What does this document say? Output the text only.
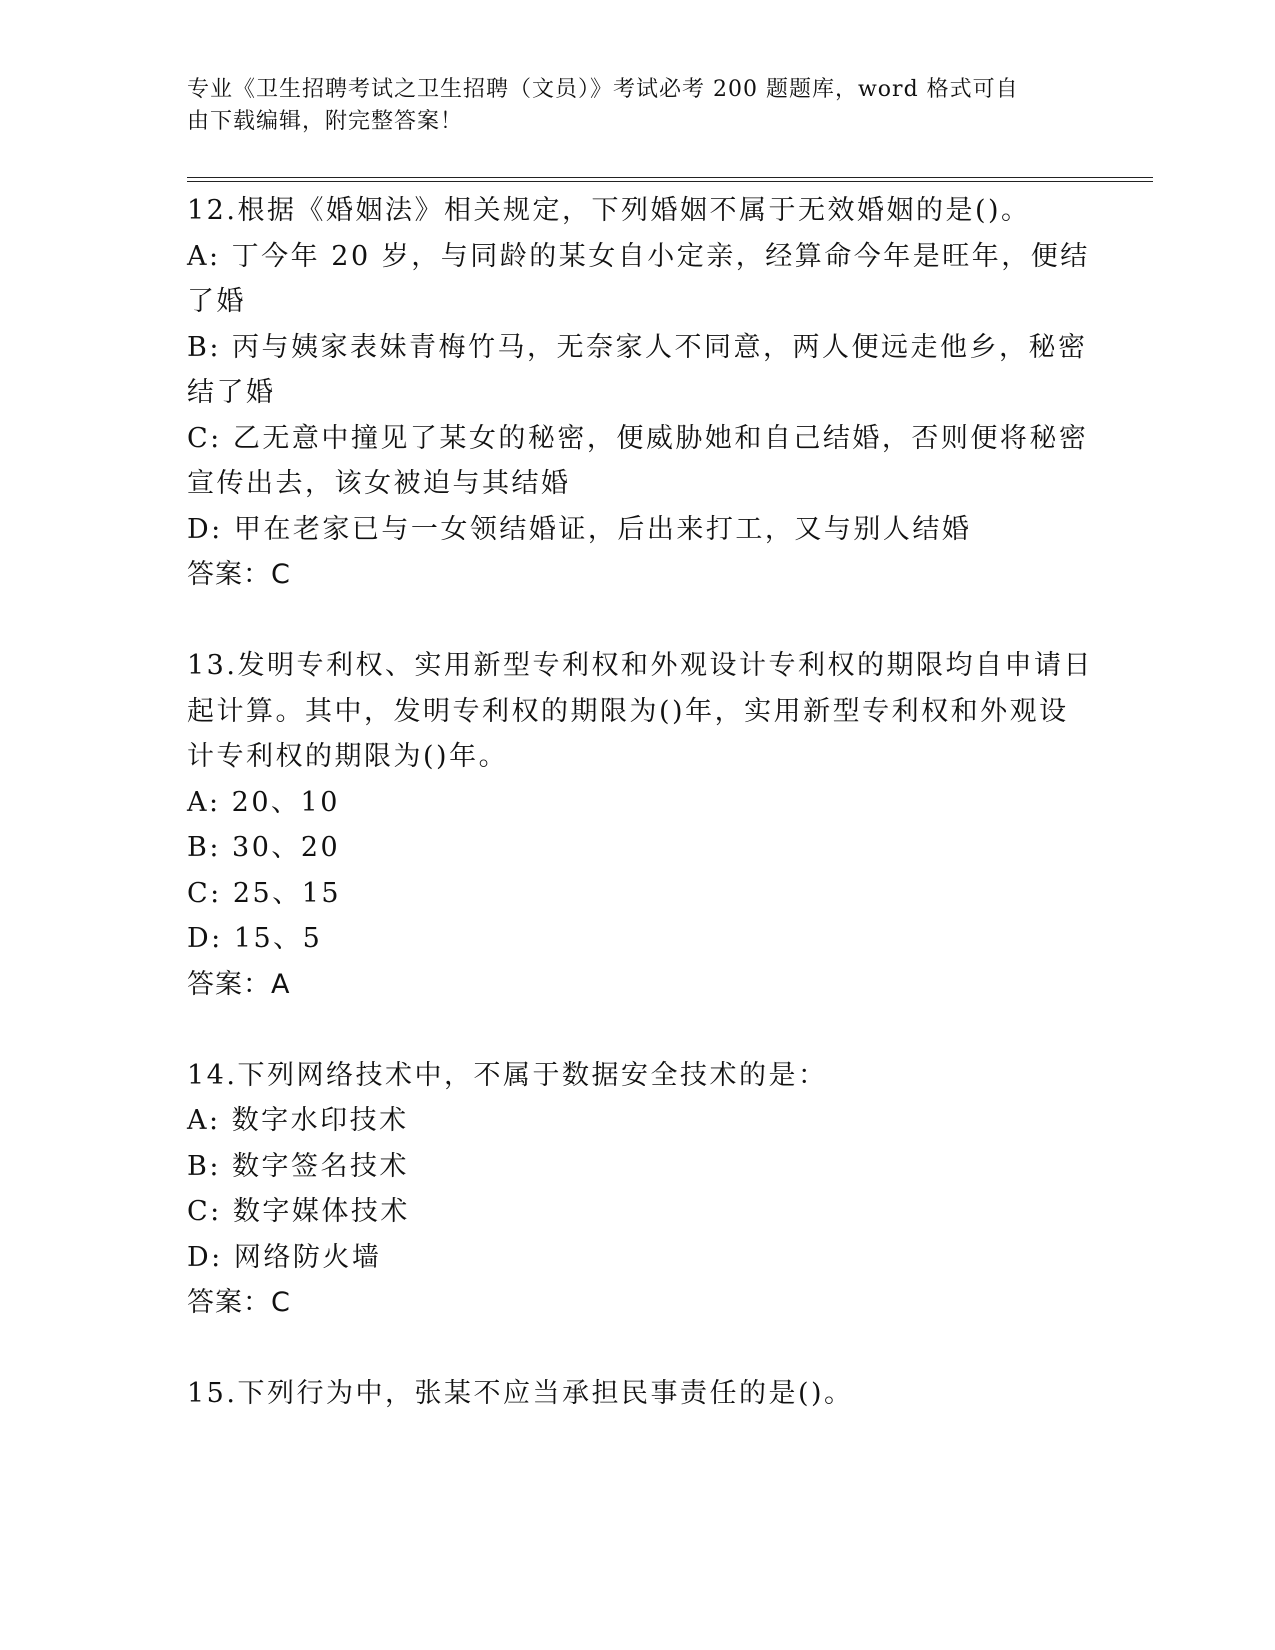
专业《卫生招聘考试之卫生招聘（文员）》考试必考 200 题题库，word 格式可自
由下载编辑，附完整答案！
12.根据《婚姻法》相关规定，下列婚姻不属于无效婚姻的是()。
A: 丁今年 20 岁，与同龄的某女自小定亲，经算命今年是旺年，便结
了婚
B: 丙与姨家表妹青梅竹马，无奈家人不同意，两人便远走他乡，秘密
结了婚
C: 乙无意中撞见了某女的秘密，便威胁她和自己结婚，否则便将秘密
宣传出去，该女被迫与其结婚
D: 甲在老家已与一女领结婚证，后出来打工，又与别人结婚
答案：C
13.发明专利权、实用新型专利权和外观设计专利权的期限均自申请日
起计算。其中，发明专利权的期限为()年，实用新型专利权和外观设
计专利权的期限为()年。
A: 20、10
B: 30、20
C: 25、15
D: 15、5
答案：A
14.下列网络技术中，不属于数据安全技术的是：
A: 数字水印技术
B: 数字签名技术
C: 数字媒体技术
D: 网络防火墙
答案：C
15.下列行为中，张某不应当承担民事责任的是()。
